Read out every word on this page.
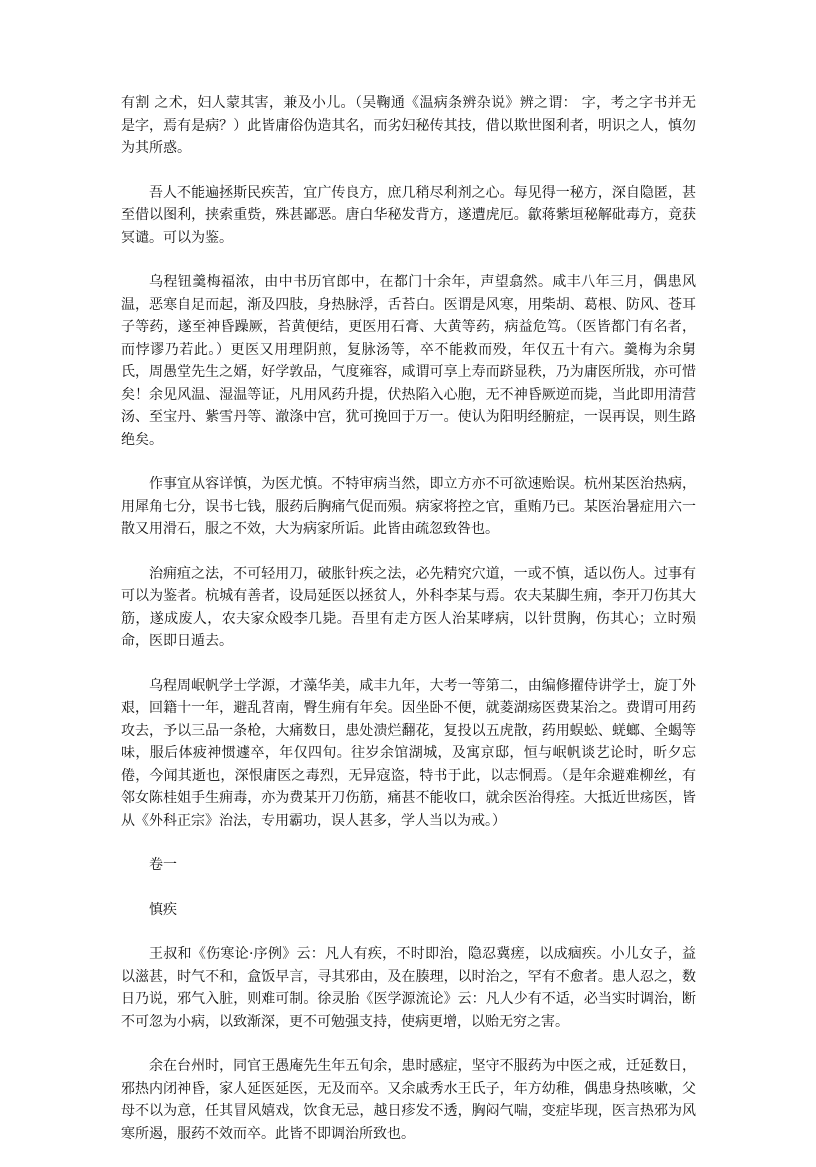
有割 之术，妇人蒙其害，兼及小儿。（吴鞠通《温病条辨杂说》辨之谓： 字，考之字书并无是字，焉有是病？）此皆庸俗伪造其名，而劣妇秘传其技，借以欺世图利者，明识之人，慎勿为其所惑。

吾人不能遍拯斯民疾苦，宜广传良方，庶几稍尽利剂之心。每见得一秘方，深自隐匿，甚至借以图利，挟索重赀，殊甚鄙恶。唐白华秘发背方，遂遭虎厄。歙蒋紫垣秘解砒毒方，竟获冥谴。可以为鉴。

乌程钮羹梅福浓，由中书历官郎中，在都门十余年，声望翕然。咸丰八年三月，偶患风温，恶寒自足而起，渐及四肢，身热脉浮，舌苔白。医谓是风寒，用柴胡、葛根、防风、苍耳子等药，遂至神昏躁厥，苔黄便结，更医用石膏、大黄等药，病益危笃。（医皆都门有名者，而悖谬乃若此。）更医又用理阴煎，复脉汤等，卒不能救而殁，年仅五十有六。羹梅为余舅氏，周愚堂先生之婿，好学敦品，气度雍容，咸谓可享上寿而跻显秩，乃为庸医所戕，亦可惜矣！余见风温、湿温等证，凡用风药升提，伏热陷入心胞，无不神昏厥逆而毙，当此即用清营汤、至宝丹、紫雪丹等、澈涤中宫，犹可挽回于万一。使认为阳明经腑症，一误再误，则生路绝矣。

作事宜从容详慎，为医尤慎。不特审病当然，即立方亦不可欲速贻误。杭州某医治热病，用犀角七分，误书七钱，服药后胸痛气促而殒。病家将控之官，重贿乃已。某医治暑症用六一散又用滑石，服之不效，大为病家所诟。此皆由疏忽致咎也。

治痈疽之法，不可轻用刀，破胀针疾之法，必先精究穴道，一或不慎，适以伤人。过事有可以为鉴者。杭城有善者，设局延医以拯贫人，外科李某与焉。农夫某脚生痈，李开刀伤其大筋，遂成废人，农夫家众殴李几毙。吾里有走方医人治某哮病，以针贯胸，伤其心；立时殒命，医即日遁去。

乌程周岷帆学士学源，才藻华美，咸丰九年，大考一等第二，由编修擢侍讲学士，旋丁外艰，回籍十一年，避乱苕南，臀生痈有年矣。因坐卧不便，就菱湖疡医费某治之。费谓可用药攻去，予以三品一条枪，大痛数日，患处溃烂翻花，复投以五虎散，药用蜈蚣、蜣螂、全蝎等味，服后体疲神惯遽卒，年仅四旬。往岁余馆湖城，及寓京邸，恒与岷帆谈艺论时，昕夕忘倦，今闻其逝也，深恨庸医之毒烈，无异寇盗，特书于此，以志恫焉。（是年余避难柳丝，有邻女陈桂姐手生痈毒，亦为费某开刀伤筋，痛甚不能收口，就余医治得痊。大抵近世疡医，皆从《外科正宗》治法，专用霸功，误人甚多，学人当以为戒。）

卷一

慎疾

王叔和《伤寒论·序例》云：凡人有疾，不时即治，隐忍冀瘥，以成痼疾。小儿女子，益以滋甚，时气不和，盒饭早言，寻其邪由，及在腠理，以时治之，罕有不愈者。患人忍之，数日乃说，邪气入脏，则难可制。徐灵胎《医学源流论》云：凡人少有不适，必当实时调治，断不可忽为小病，以致渐深，更不可勉强支持，使病更增，以贻无穷之害。

余在台州时，同官王愚庵先生年五旬余，患时感症，坚守不服药为中医之戒，迁延数日，邪热内闭神昏，家人延医延医，无及而卒。又余戚秀水王氏子，年方幼稚，偶患身热咳嗽，父母不以为意，任其冒风嬉戏，饮食无忌，越日疹发不透，胸闷气喘，变症毕现，医言热邪为风寒所遏，服药不效而卒。此皆不即调治所致也。
